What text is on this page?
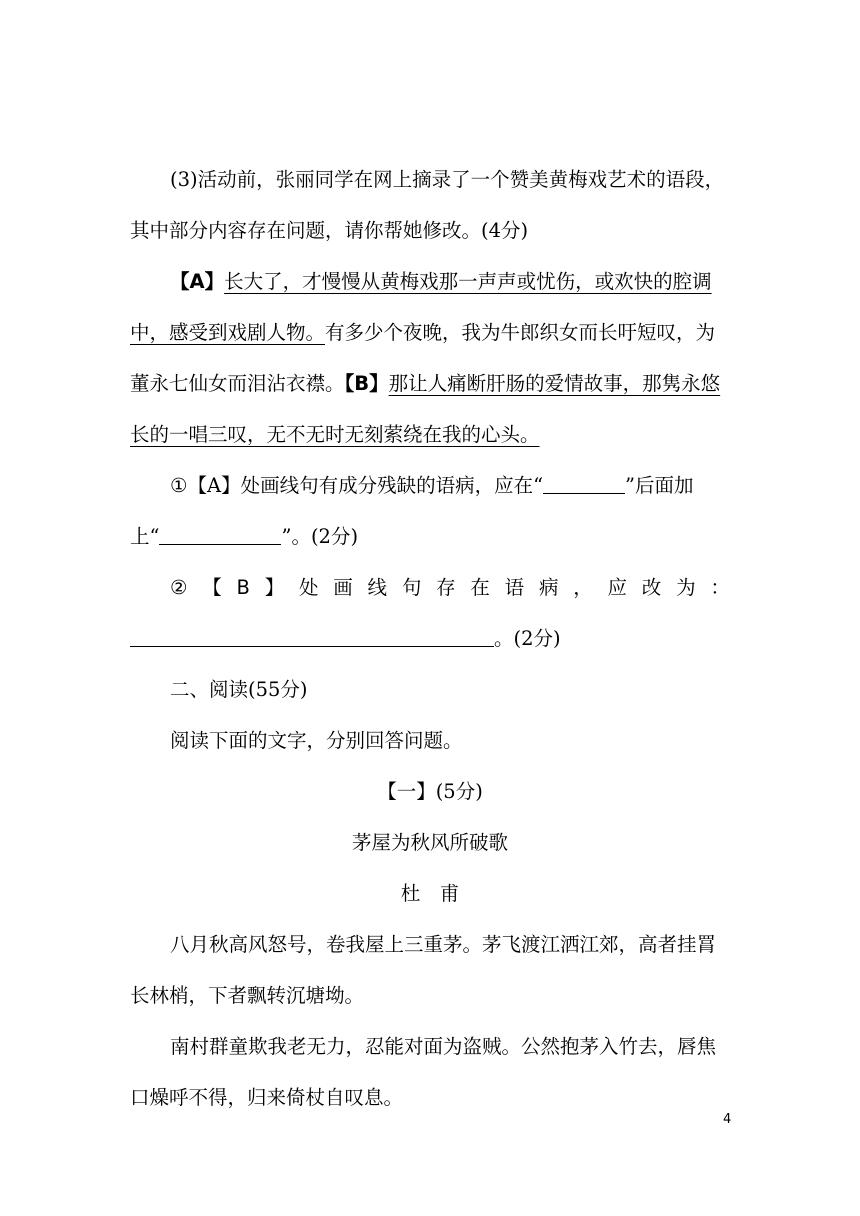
(3)活动前，张丽同学在网上摘录了一个赞美黄梅戏艺术的语段，
其中部分内容存在问题，请你帮她修改。(4分)
【A】长大了，才慢慢从黄梅戏那一声声或忧伤，或欢快的腔调
中，感受到戏剧人物。有多少个夜晚，我为牛郎织女而长吁短叹，为
董永七仙女而泪沾衣襟。【B】那让人痛断肝肠的爱情故事，那隽永悠
长的一唱三叹，无不无时无刻萦绕在我的心头。
①【A】处画线句有成分残缺的语病，应在“	”后面加
上“	”。(2分)
② 【 B 】 处 画 线 句 存 在 语 病 ， 应 改 为 ：
。(2分)
二、阅读(55分)
阅读下面的文字，分别回答问题。
【一】(5分)
茅屋为秋风所破歌
杜　甫
八月秋高风怒号，卷我屋上三重茅。茅飞渡江洒江郊，高者挂罥
长林梢，下者飘转沉塘坳。
南村群童欺我老无力，忍能对面为盗贼。公然抱茅入竹去，唇焦
口燥呼不得，归来倚杖自叹息。
4
